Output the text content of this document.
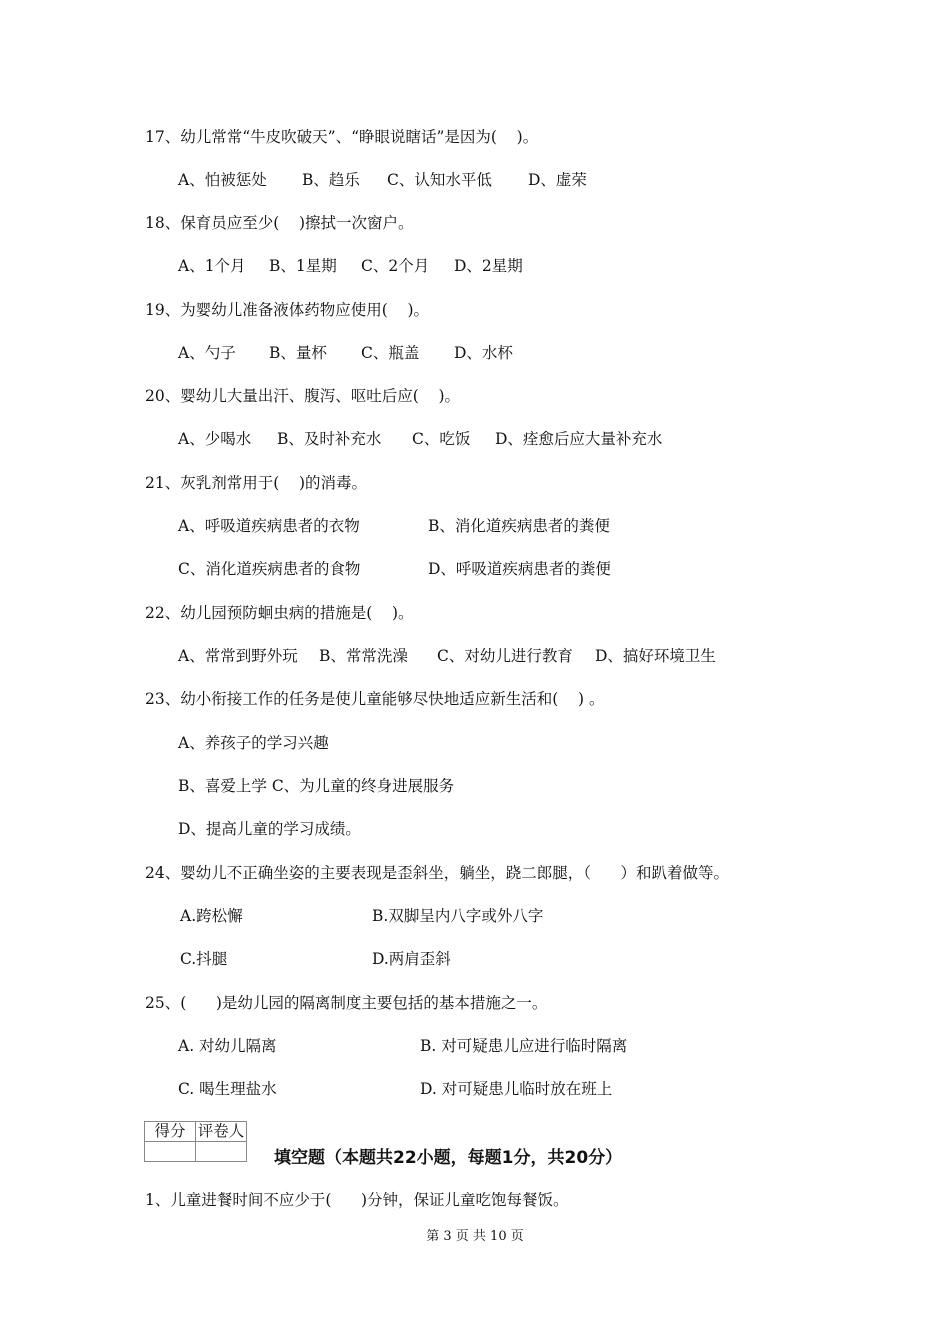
17、幼儿常常“牛皮吹破天”、“睁眼说瞎话”是因为(    )。
A、怕被惩处 B、趋乐 C、认知水平低 D、虚荣
18、保育员应至少(    )擦拭一次窗户。
A、1个月 B、1星期 C、2个月 D、2星期
19、为婴幼儿准备液体药物应使用(    )。
A、勺子 B、量杯 C、瓶盖 D、水杯
20、婴幼儿大量出汗、腹泻、呕吐后应(    )。
A、少喝水 B、及时补充水 C、吃饭 D、痊愈后应大量补充水
21、灰乳剂常用于(    )的消毒。
A、呼吸道疾病患者的衣物	B、消化道疾病患者的粪便
C、消化道疾病患者的食物	D、呼吸道疾病患者的粪便
22、幼儿园预防蛔虫病的措施是(    )。
A、常常到野外玩 B、常常洗澡 C、对幼儿进行教育 D、搞好环境卫生
23、幼小衔接工作的任务是使儿童能够尽快地适应新生活和(    ) 。
A、养孩子的学习兴趣
B、喜爱上学 C、为儿童的终身进展服务
D、提高儿童的学习成绩。
24、婴幼儿不正确坐姿的主要表现是歪斜坐，躺坐，跷二郎腿，（      ）和趴着做等。
A.跨松懈	B.双脚呈内八字或外八字
C.抖腿	D.两肩歪斜
25、(      )是幼儿园的隔离制度主要包括的基本措施之一。
A. 对幼儿隔离	B. 对可疑患儿应进行临时隔离
C. 喝生理盐水	D. 对可疑患儿临时放在班上
得分	评卷人

填空题（本题共22小题，每题1分，共20分）
1、儿童进餐时间不应少于(      )分钟，保证儿童吃饱每餐饭。
第 3 页 共 10 页
